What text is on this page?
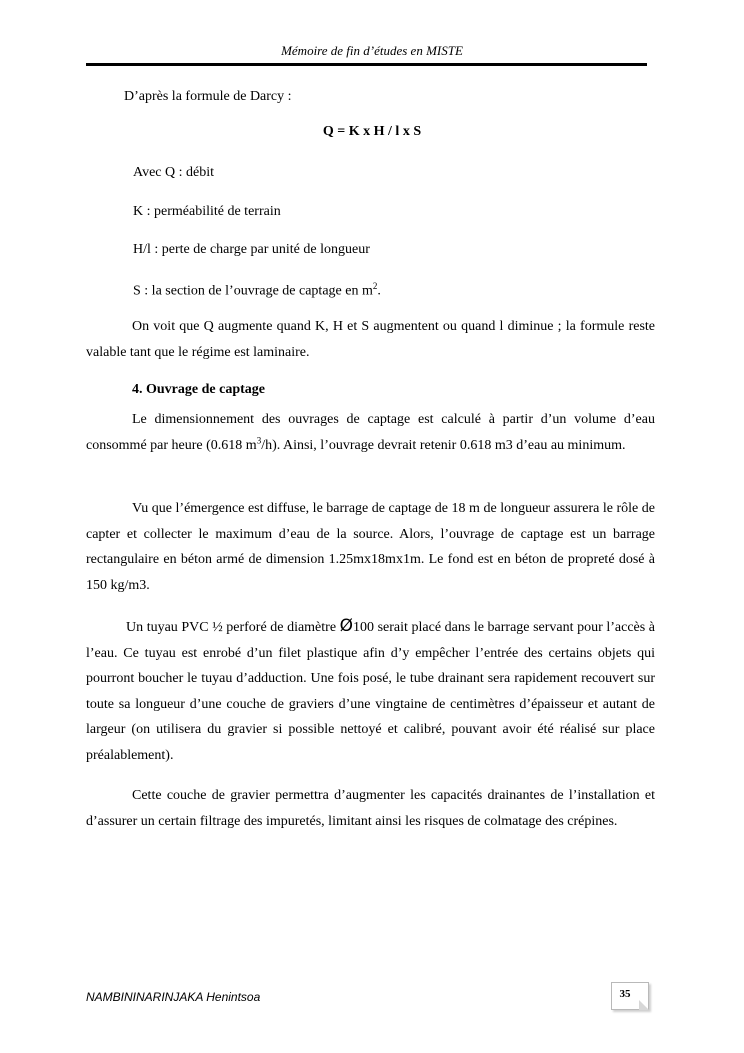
Mémoire de fin d’études en MISTE

D’après la formule de Darcy :

Q = K x H / l x S

Avec Q : débit

K : perméabilité de terrain

H/l : perte de charge par unité de longueur

S : la section de l’ouvrage de captage en $m^2$.

On voit que Q augmente quand K, H et S augmentent ou quand l diminue ; la formule reste valable tant que le régime est laminaire.

4. Ouvrage de captage

Le dimensionnement des ouvrages de captage est calculé à partir d’un volume d’eau consommé par heure (0.618 $m^3/h$). Ainsi, l’ouvrage devrait retenir 0.618 m3 d’eau au minimum.

Vu que l’émergence est diffuse, le barrage de captage de 18 m de longueur assurera le rôle de capter et collecter le maximum d’eau de la source. Alors, l’ouvrage de captage est un barrage rectangulaire en béton armé de dimension 1.25mx18mx1m. Le fond est en béton de propreté dosé à 150 kg/m3.

Un tuyau PVC ½ perforé de diamètre Ø100 serait placé dans le barrage servant pour l’accès à l’eau. Ce tuyau est enrobé d’un filet plastique afin d’y empêcher l’entrée des certains objets qui pourront boucher le tuyau d’adduction. Une fois posé, le tube drainant sera rapidement recouvert sur toute sa longueur d’une couche de graviers d’une vingtaine de centimètres d’épaisseur et autant de largeur (on utilisera du gravier si possible nettoyé et calibré, pouvant avoir été réalisé sur place préalablement).

Cette couche de gravier permettra d’augmenter les capacités drainantes de l’installation et d’assurer un certain filtrage des impuretés, limitant ainsi les risques de colmatage des crépines.

NAMBININARINJAKA Henintsoa	35
